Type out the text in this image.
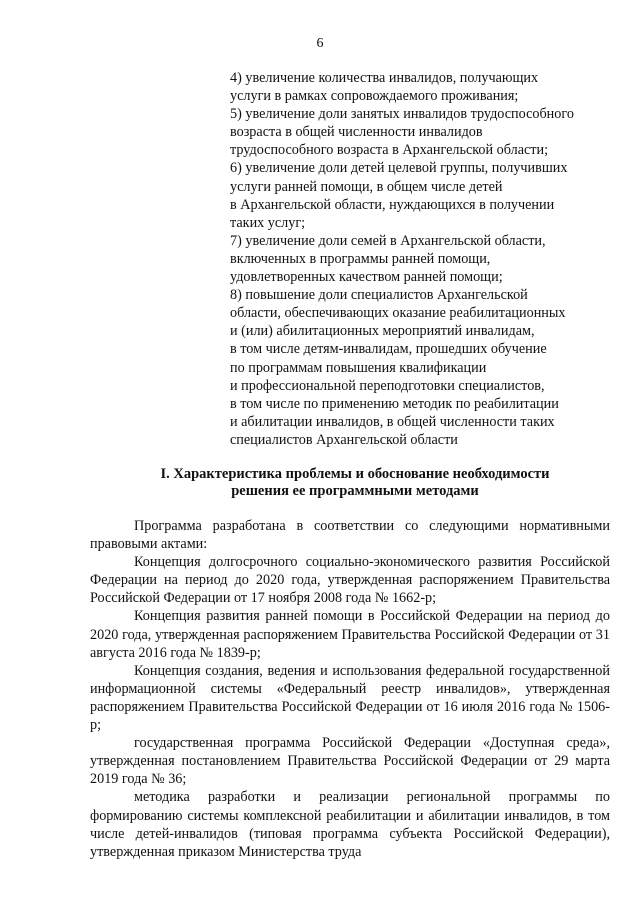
6
4) увеличение количества инвалидов, получающих
услуги в рамках сопровождаемого проживания;
5) увеличение доли занятых инвалидов трудоспособного
возраста в общей численности инвалидов
трудоспособного возраста в Архангельской области;
6) увеличение доли детей целевой группы, получивших
услуги ранней помощи, в общем числе детей
в Архангельской области, нуждающихся в получении
таких услуг;
7) увеличение доли семей в Архангельской области,
включенных в программы ранней помощи,
удовлетворенных качеством ранней помощи;
8) повышение доли специалистов Архангельской
области, обеспечивающих оказание реабилитационных
и (или) абилитационных мероприятий инвалидам,
в том числе детям-инвалидам, прошедших обучение
по программам повышения квалификации
и профессиональной переподготовки специалистов,
в том числе по применению методик по реабилитации
и абилитации инвалидов, в общей численности таких
специалистов Архангельской области
I. Характеристика проблемы и обоснование необходимости
решения ее программными методами

Программа разработана в соответствии со следующими нормативными правовыми актами:

Концепция долгосрочного социально-экономического развития Российской Федерации на период до 2020 года, утвержденная распоряжением Правительства Российской Федерации от 17 ноября 2008 года № 1662-р;

Концепция развития ранней помощи в Российской Федерации на период до 2020 года, утвержденная распоряжением Правительства Российской Федерации от 31 августа 2016 года № 1839-р;

Концепция создания, ведения и использования федеральной государственной информационной системы «Федеральный реестр инвалидов», утвержденная распоряжением Правительства Российской Федерации от 16 июля 2016 года № 1506-р;

государственная программа Российской Федерации «Доступная среда», утвержденная постановлением Правительства Российской Федерации от 29 марта 2019 года № 36;

методика разработки и реализации региональной программы по формированию системы комплексной реабилитации и абилитации инвалидов, в том числе детей-инвалидов (типовая программа субъекта Российской Федерации), утвержденная приказом Министерства труда
